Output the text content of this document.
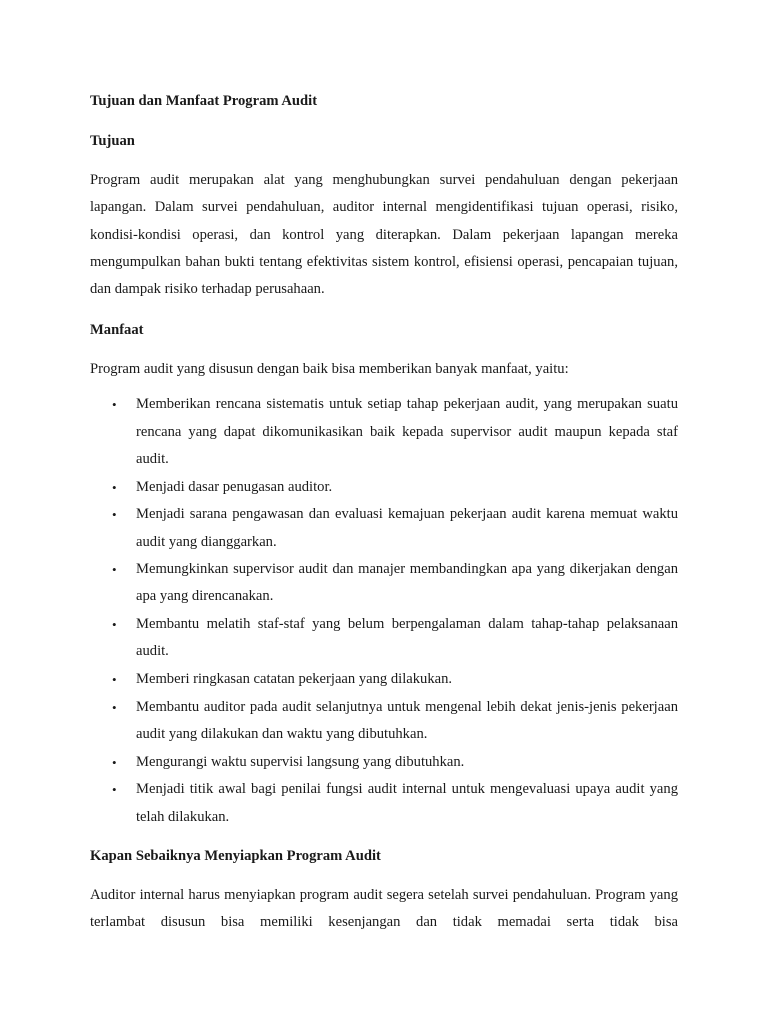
Tujuan dan Manfaat Program Audit
Tujuan

Program audit merupakan alat yang menghubungkan survei pendahuluan dengan pekerjaan lapangan. Dalam survei pendahuluan, auditor internal mengidentifikasi tujuan operasi, risiko, kondisi-kondisi operasi, dan kontrol yang diterapkan. Dalam pekerjaan lapangan mereka mengumpulkan bahan bukti tentang efektivitas sistem kontrol, efisiensi operasi, pencapaian tujuan, dan dampak risiko terhadap perusahaan.

Manfaat

Program audit yang disusun dengan baik bisa memberikan banyak manfaat, yaitu:

• Memberikan rencana sistematis untuk setiap tahap pekerjaan audit, yang merupakan suatu rencana yang dapat dikomunikasikan baik kepada supervisor audit maupun kepada staf audit.
• Menjadi dasar penugasan auditor.
• Menjadi sarana pengawasan dan evaluasi kemajuan pekerjaan audit karena memuat waktu audit yang dianggarkan.
• Memungkinkan supervisor audit dan manajer membandingkan apa yang dikerjakan dengan apa yang direncanakan.
• Membantu melatih staf-staf yang belum berpengalaman dalam tahap-tahap pelaksanaan audit.
• Memberi ringkasan catatan pekerjaan yang dilakukan.
• Membantu auditor pada audit selanjutnya untuk mengenal lebih dekat jenis-jenis pekerjaan audit yang dilakukan dan waktu yang dibutuhkan.
• Mengurangi waktu supervisi langsung yang dibutuhkan.
• Menjadi titik awal bagi penilai fungsi audit internal untuk mengevaluasi upaya audit yang telah dilakukan.
Kapan Sebaiknya Menyiapkan Program Audit

Auditor internal harus menyiapkan program audit segera setelah survei pendahuluan. Program yang terlambat disusun bisa memiliki kesenjangan dan tidak memadai serta tidak bisa
